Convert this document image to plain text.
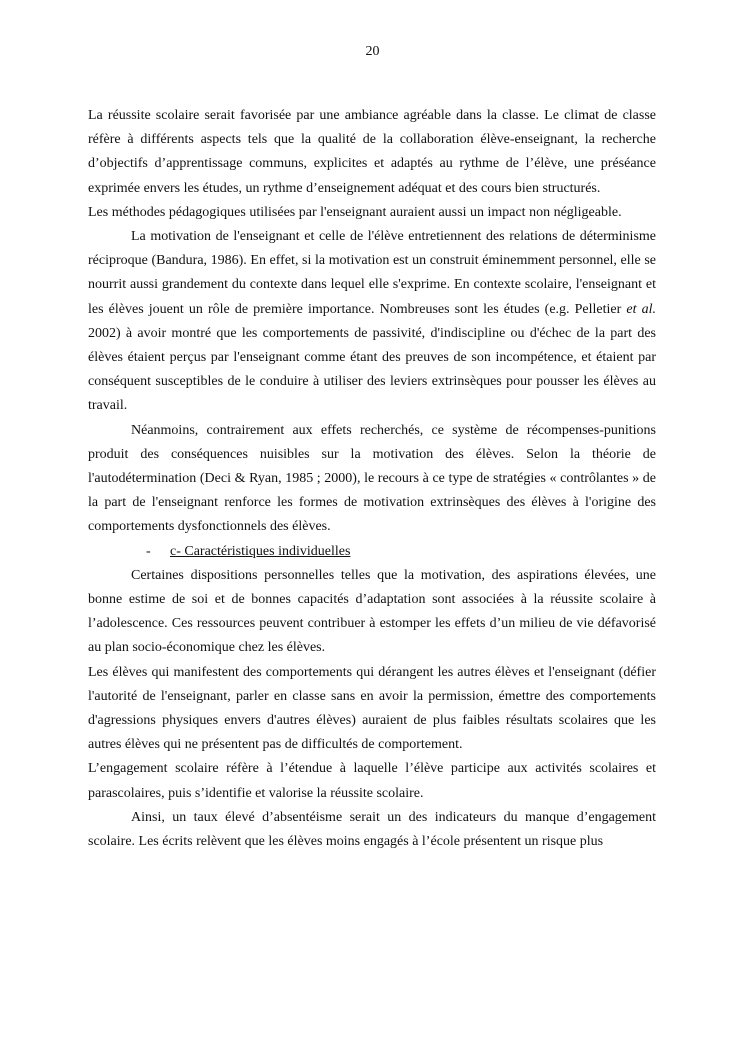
20

La réussite scolaire serait favorisée par une ambiance agréable dans la classe. Le climat de classe réfère à différents aspects tels que la qualité de la collaboration élève-enseignant, la recherche d’objectifs d’apprentissage communs, explicites et adaptés au rythme de l’élève, une préséance exprimée envers les études, un rythme d’enseignement adéquat et des cours bien structurés.

Les méthodes pédagogiques utilisées par l'enseignant auraient aussi un impact non négligeable.

La motivation de l'enseignant et celle de l'élève entretiennent des relations de déterminisme réciproque (Bandura, 1986). En effet, si la motivation est un construit éminemment personnel, elle se nourrit aussi grandement du contexte dans lequel elle s'exprime. En contexte scolaire, l'enseignant et les élèves jouent un rôle de première importance. Nombreuses sont les études (e.g. Pelletier et al. 2002) à avoir montré que les comportements de passivité, d'indiscipline ou d'échec de la part des élèves étaient perçus par l'enseignant comme étant des preuves de son incompétence, et étaient par conséquent susceptibles de le conduire à utiliser des leviers extrinsèques pour pousser les élèves au travail.

Néanmoins, contrairement aux effets recherchés, ce système de récompenses-punitions produit des conséquences nuisibles sur la motivation des élèves. Selon la théorie de l'autodétermination (Deci & Ryan, 1985 ; 2000), le recours à ce type de stratégies « contrôlantes » de la part de l'enseignant renforce les formes de motivation extrinsèques des élèves à l'origine des comportements dysfonctionnels des élèves.

- c- Caractéristiques individuelles

Certaines dispositions personnelles telles que la motivation, des aspirations élevées, une bonne estime de soi et de bonnes capacités d’adaptation sont associées à la réussite scolaire à l’adolescence. Ces ressources peuvent contribuer à estomper les effets d’un milieu de vie défavorisé au plan socio-économique chez les élèves.

Les élèves qui manifestent des comportements qui dérangent les autres élèves et l'enseignant (défier l'autorité de l'enseignant, parler en classe sans en avoir la permission, émettre des comportements d'agressions physiques envers d'autres élèves) auraient de plus faibles résultats scolaires que les autres élèves qui ne présentent pas de difficultés de comportement.

L’engagement scolaire réfère à l’étendue à laquelle l’élève participe aux activités scolaires et parascolaires, puis s’identifie et valorise la réussite scolaire.

Ainsi, un taux élevé d’absentéisme serait un des indicateurs du manque d’engagement scolaire. Les écrits relèvent que les élèves moins engagés à l’école présentent un risque plus
